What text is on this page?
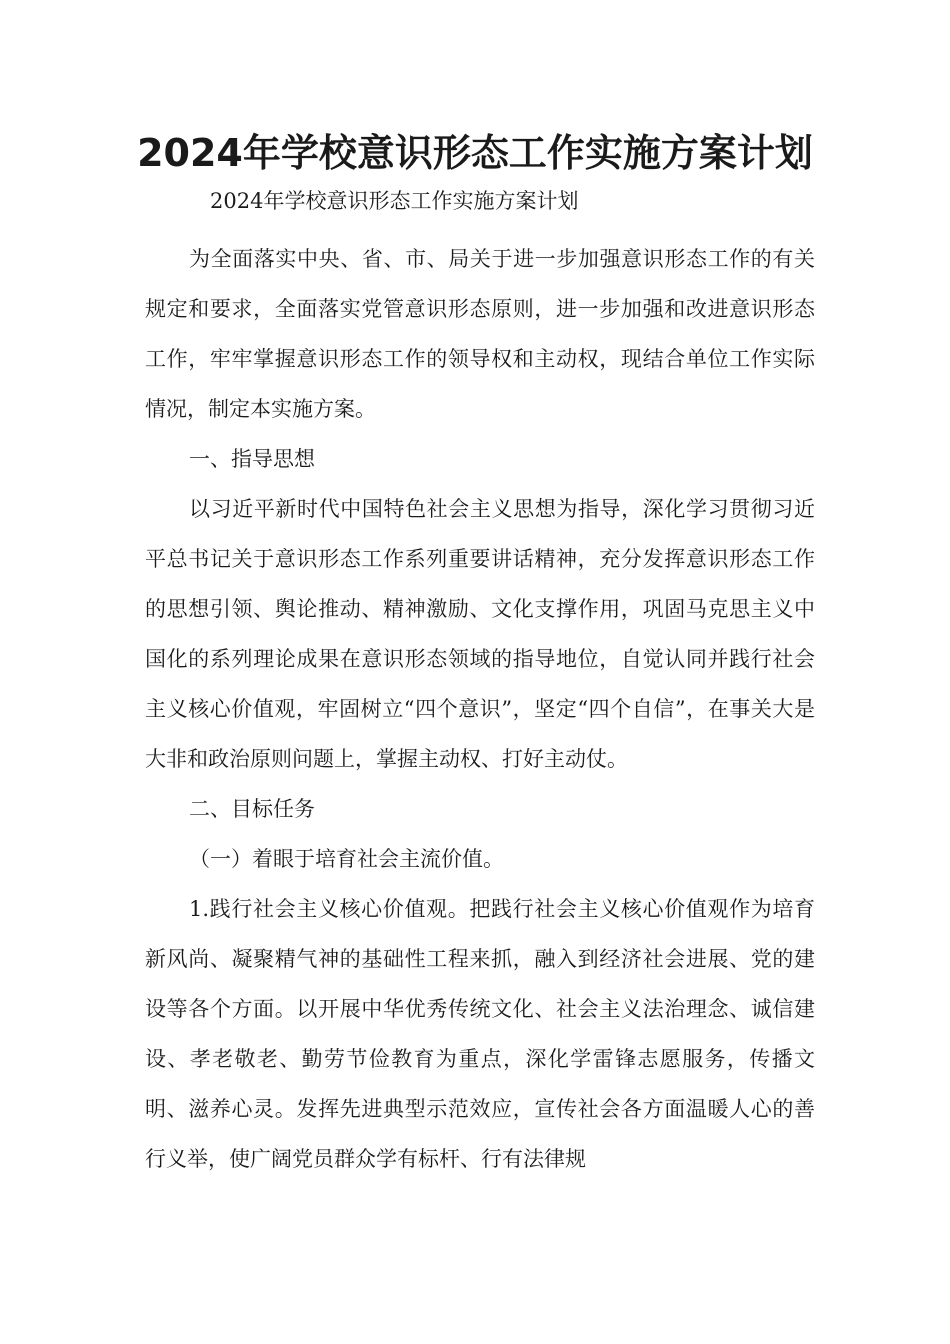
2024年学校意识形态工作实施方案计划
2024年学校意识形态工作实施方案计划

为全面落实中央、省、市、局关于进一步加强意识形态工作的有关规定和要求，全面落实党管意识形态原则，进一步加强和改进意识形态工作，牢牢掌握意识形态工作的领导权和主动权，现结合单位工作实际情况，制定本实施方案。

一、指导思想

以习近平新时代中国特色社会主义思想为指导，深化学习贯彻习近平总书记关于意识形态工作系列重要讲话精神，充分发挥意识形态工作的思想引领、舆论推动、精神激励、文化支撑作用，巩固马克思主义中国化的系列理论成果在意识形态领域的指导地位，自觉认同并践行社会主义核心价值观，牢固树立“四个意识”，坚定“四个自信”，在事关大是大非和政治原则问题上，掌握主动权、打好主动仗。

二、目标任务

（一）着眼于培育社会主流价值。

1.践行社会主义核心价值观。把践行社会主义核心价值观作为培育新风尚、凝聚精气神的基础性工程来抓，融入到经济社会进展、党的建设等各个方面。以开展中华优秀传统文化、社会主义法治理念、诚信建设、孝老敬老、勤劳节俭教育为重点，深化学雷锋志愿服务，传播文明、滋养心灵。发挥先进典型示范效应，宣传社会各方面温暖人心的善行义举，使广阔党员群众学有标杆、行有法律规
